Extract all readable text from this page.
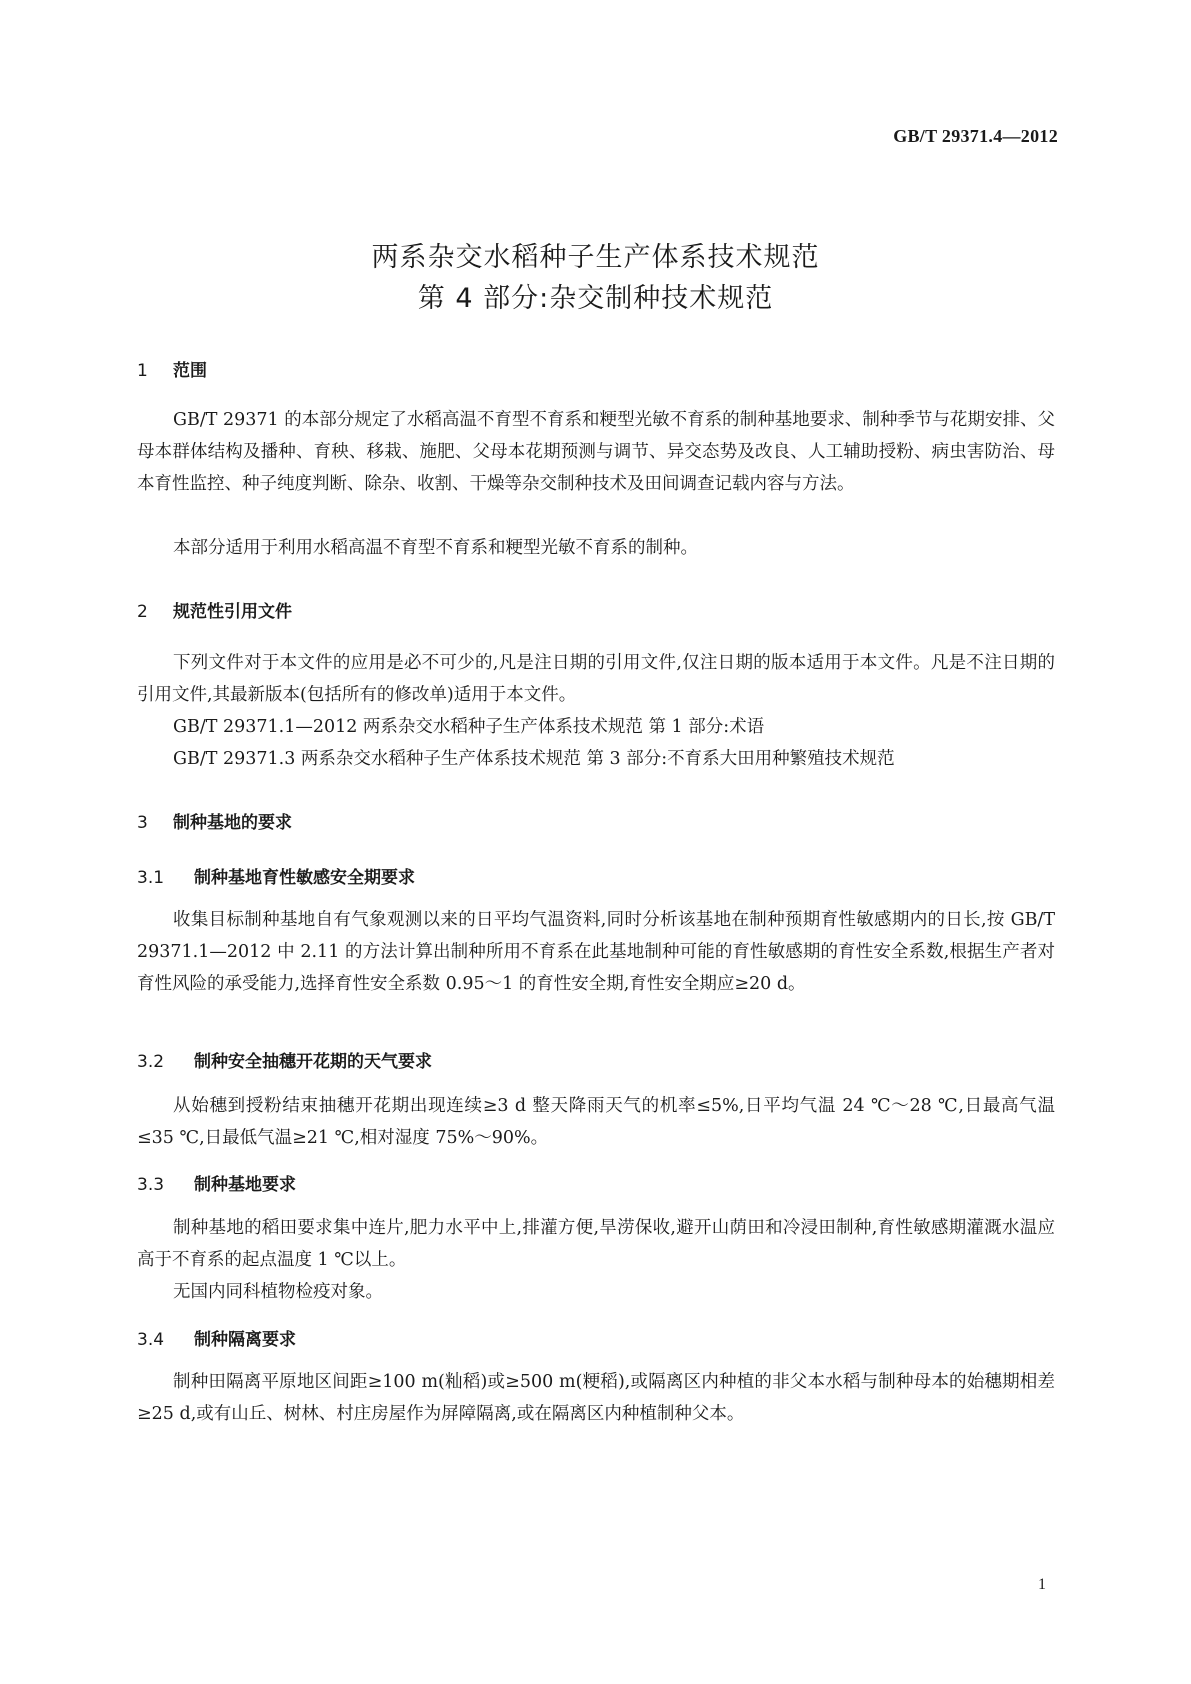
GB/T 29371.4—2012
两系杂交水稻种子生产体系技术规范
第 4 部分:杂交制种技术规范
1 范围

GB/T 29371 的本部分规定了水稻高温不育型不育系和粳型光敏不育系的制种基地要求、制种季节与花期安排、父母本群体结构及播种、育秧、移栽、施肥、父母本花期预测与调节、异交态势及改良、人工辅助授粉、病虫害防治、母本育性监控、种子纯度判断、除杂、收割、干燥等杂交制种技术及田间调查记载内容与方法。

本部分适用于利用水稻高温不育型不育系和粳型光敏不育系的制种。

2 规范性引用文件

下列文件对于本文件的应用是必不可少的,凡是注日期的引用文件,仅注日期的版本适用于本文件。凡是不注日期的引用文件,其最新版本(包括所有的修改单)适用于本文件。

GB/T 29371.1—2012 两系杂交水稻种子生产体系技术规范 第 1 部分:术语
GB/T 29371.3 两系杂交水稻种子生产体系技术规范 第 3 部分:不育系大田用种繁殖技术规范
3 制种基地的要求
3.1 制种基地育性敏感安全期要求

收集目标制种基地自有气象观测以来的日平均气温资料,同时分析该基地在制种预期育性敏感期内的日长,按 GB/T 29371.1—2012 中 2.11 的方法计算出制种所用不育系在此基地制种可能的育性敏感期的育性安全系数,根据生产者对育性风险的承受能力,选择育性安全系数 0.95～1 的育性安全期,育性安全期应≥20 d。

3.2 制种安全抽穗开花期的天气要求

从始穗到授粉结束抽穗开花期出现连续≥3 d 整天降雨天气的机率≤5%,日平均气温 24 ℃～28 ℃,日最高气温≤35 ℃,日最低气温≥21 ℃,相对湿度 75%～90%。

3.3 制种基地要求

制种基地的稻田要求集中连片,肥力水平中上,排灌方便,旱涝保收,避开山荫田和冷浸田制种,育性敏感期灌溉水温应高于不育系的起点温度 1 ℃以上。

无国内同科植物检疫对象。

3.4 制种隔离要求

制种田隔离平原地区间距≥100 m(籼稻)或≥500 m(粳稻),或隔离区内种植的非父本水稻与制种母本的始穗期相差≥25 d,或有山丘、树林、村庄房屋作为屏障隔离,或在隔离区内种植制种父本。

1
